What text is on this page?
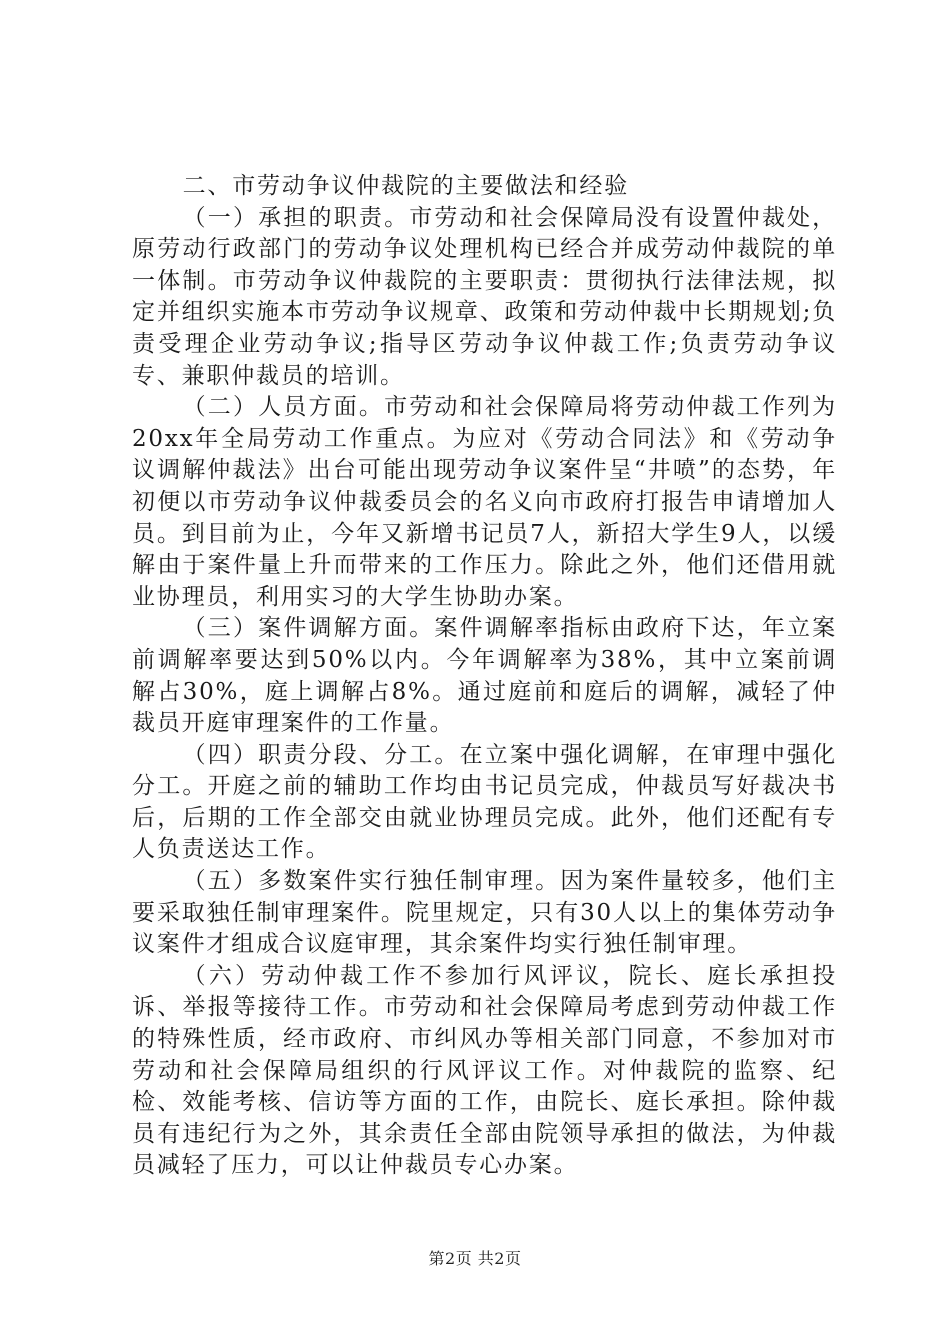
二、市劳动争议仲裁院的主要做法和经验

（一）承担的职责。市劳动和社会保障局没有设置仲裁处，原劳动行政部门的劳动争议处理机构已经合并成劳动仲裁院的单一体制。市劳动争议仲裁院的主要职责：贯彻执行法律法规，拟定并组织实施本市劳动争议规章、政策和劳动仲裁中长期规划;负责受理企业劳动争议;指导区劳动争议仲裁工作;负责劳动争议专、兼职仲裁员的培训。

（二）人员方面。市劳动和社会保障局将劳动仲裁工作列为20xx年全局劳动工作重点。为应对《劳动合同法》和《劳动争议调解仲裁法》出台可能出现劳动争议案件呈“井喷”的态势，年初便以市劳动争议仲裁委员会的名义向市政府打报告申请增加人员。到目前为止，今年又新增书记员7人，新招大学生9人，以缓解由于案件量上升而带来的工作压力。除此之外，他们还借用就业协理员，利用实习的大学生协助办案。

（三）案件调解方面。案件调解率指标由政府下达，年立案前调解率要达到50%以内。今年调解率为38%，其中立案前调解占30%，庭上调解占8%。通过庭前和庭后的调解，减轻了仲裁员开庭审理案件的工作量。

（四）职责分段、分工。在立案中强化调解，在审理中强化分工。开庭之前的辅助工作均由书记员完成，仲裁员写好裁决书后，后期的工作全部交由就业协理员完成。此外，他们还配有专人负责送达工作。

（五）多数案件实行独任制审理。因为案件量较多，他们主要采取独任制审理案件。院里规定，只有30人以上的集体劳动争议案件才组成合议庭审理，其余案件均实行独任制审理。

（六）劳动仲裁工作不参加行风评议，院长、庭长承担投诉、举报等接待工作。市劳动和社会保障局考虑到劳动仲裁工作的特殊性质，经市政府、市纠风办等相关部门同意，不参加对市劳动和社会保障局组织的行风评议工作。对仲裁院的监察、纪检、效能考核、信访等方面的工作，由院长、庭长承担。除仲裁员有违纪行为之外，其余责任全部由院领导承担的做法，为仲裁员减轻了压力，可以让仲裁员专心办案。

第2页 共2页
